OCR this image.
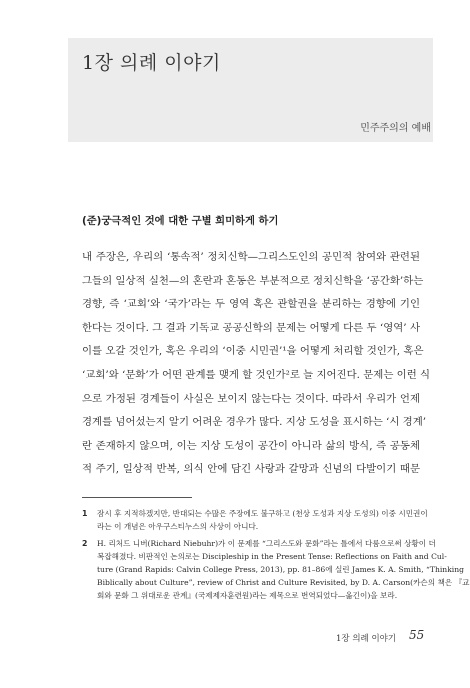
1장 의례 이야기
민주주의의 예배
(준)궁극적인 것에 대한 구별 희미하게 하기
내 주장은, 우리의 ‘통속적’ 정치신학—그리스도인의 공민적 참여와 관련된
그들의 일상적 실천—의 혼란과 혼동은 부분적으로 정치신학을 ‘공간화’하는
경향, 즉 ‘교회’와 ‘국가’라는 두 영역 혹은 관할권을 분리하는 경향에 기인
한다는 것이다. 그 결과 기독교 공공신학의 문제는 어떻게 다른 두 ‘영역’ 사
이를 오갈 것인가, 혹은 우리의 ‘이중 시민권’¹을 어떻게 처리할 것인가, 혹은
‘교회’와 ‘문화’가 어떤 관계를 맺게 할 것인가²로 늘 지어진다. 문제는 이런 식
으로 가정된 경계들이 사실은 보이지 않는다는 것이다. 따라서 우리가 언제
경계를 넘어섰는지 알기 어려운 경우가 많다. 지상 도성을 표시하는 ‘시 경계’
란 존재하지 않으며, 이는 지상 도성이 공간이 아니라 삶의 방식, 즉 공동체
적 주기, 일상적 반복, 의식 안에 담긴 사랑과 갈망과 신념의 다발이기 때문
1 잠시 후 지적하겠지만, 반대되는 수많은 주장에도 불구하고 (천상 도성과 지상 도성의) 이중 시민권이
라는 이 개념은 아우구스티누스의 사상이 아니다.
2 H. 리처드 니버(Richard Niebuhr)가 이 문제를 “그리스도와 문화”라는 틀에서 다룸으로써 상황이 더
복잡해졌다. 비판적인 논의로는 Discipleship in the Present Tense: Reflections on Faith and Cul-
ture (Grand Rapids: Calvin College Press, 2013), pp. 81–86에 실린 James K. A. Smith, “Thinking
Biblically about Culture”, review of Christ and Culture Revisited, by D. A. Carson(카슨의 책은 『교
회와 문화 그 위대로운 관계』(국제제자훈련원)라는 제목으로 번역되었다—옮긴이)을 보라.
1장 의례 이야기 55
